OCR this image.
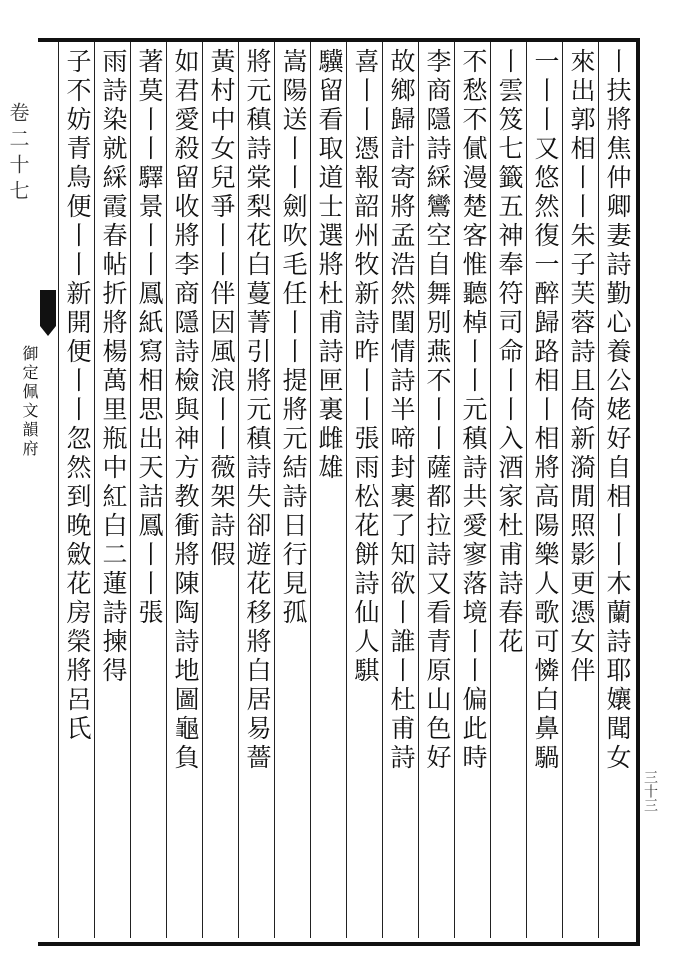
卷二十七
御定佩文韻府	丨扶將焦仲卿妻詩勤心養公姥好自相丨丨木蘭詩耶孃聞女
來出郭相丨丨朱子芙蓉詩且倚新漪閒照影更憑女伴
一丨丨又悠然復一醉歸路相丨相將高陽樂人歌可憐白鼻騧
丨雲笈七籤五神奉符司命丨丨入酒家杜甫詩春花
不愁不㒃漫楚客惟聽棹丨丨元稹詩共愛寥落境丨丨偏此時
李商隱詩綵鸞空自舞別燕不丨丨薩都拉詩又看青原山色好
故鄉歸計寄將孟浩然閨情詩半啼封裹了知欲丨誰丨杜甫詩
喜丨丨憑報韶州牧新詩昨丨丨張雨松花餅詩仙人騏
驥留看取道士選將杜甫詩匣裏雌雄
嵩陽送丨丨劍吹毛任丨丨提將元結詩日行見孤
將元稹詩棠梨花白蔓菁引將元稹詩失卻遊花移將白居易薔
黃村中女兒爭丨丨伴因風浪丨丨薇架詩假
如君愛殺留收將李商隱詩檢與神方教衝將陳陶詩地圖龜負
著莫丨丨驛景丨丨鳳紙寫相思出天詰鳳丨丨張
雨詩染就綵霞春帖折將楊萬里瓶中紅白二蓮詩揀得
子不妨青鳥便丨丨新開便丨丨忽然到晚斂花房榮將呂氏
三十三
